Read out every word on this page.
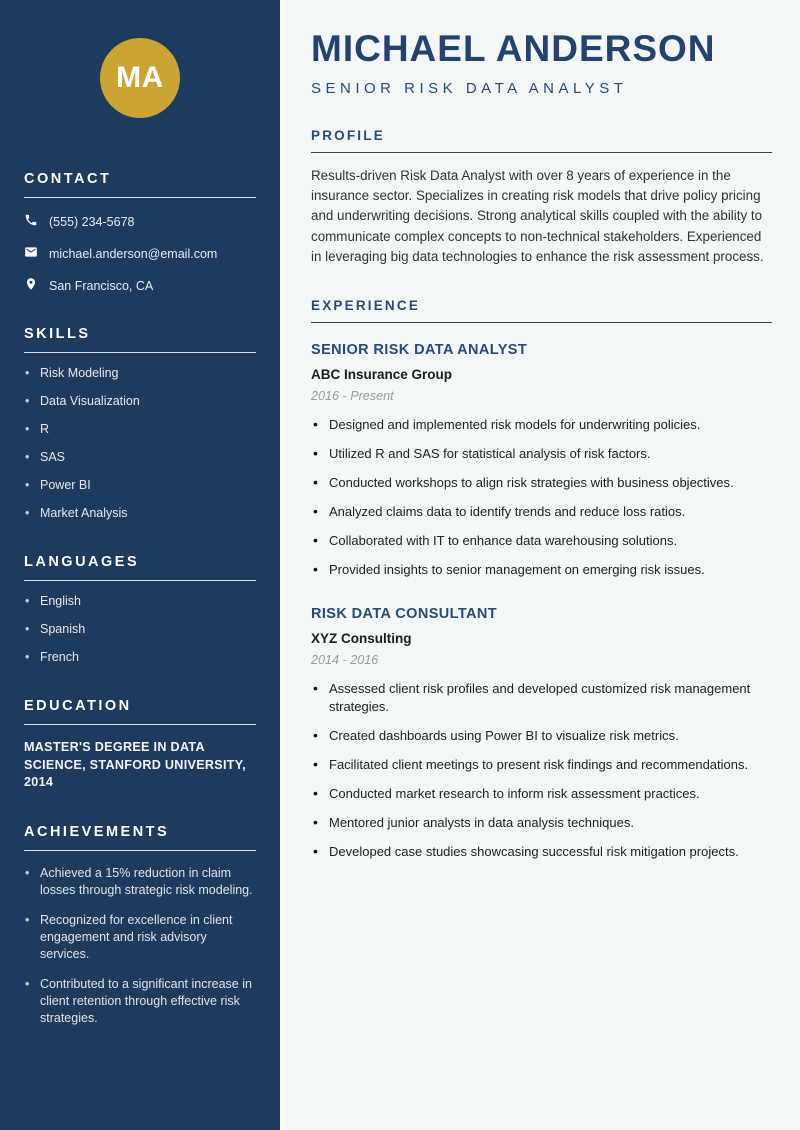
MA
CONTACT
(555) 234-5678
michael.anderson@email.com
San Francisco, CA
SKILLS
• Risk Modeling
• Data Visualization
• R
• SAS
• Power BI
• Market Analysis
LANGUAGES
• English
• Spanish
• French
EDUCATION
MASTER'S DEGREE IN DATA SCIENCE, STANFORD UNIVERSITY, 2014
ACHIEVEMENTS
• Achieved a 15% reduction in claim losses through strategic risk modeling.
• Recognized for excellence in client engagement and risk advisory services.
• Contributed to a significant increase in client retention through effective risk strategies.
MICHAEL ANDERSON
SENIOR RISK DATA ANALYST
PROFILE

Results-driven Risk Data Analyst with over 8 years of experience in the insurance sector. Specializes in creating risk models that drive policy pricing and underwriting decisions. Strong analytical skills coupled with the ability to communicate complex concepts to non-technical stakeholders. Experienced in leveraging big data technologies to enhance the risk assessment process.

EXPERIENCE
SENIOR RISK DATA ANALYST
ABC Insurance Group
2016 - Present
• Designed and implemented risk models for underwriting policies.
• Utilized R and SAS for statistical analysis of risk factors.
• Conducted workshops to align risk strategies with business objectives.
• Analyzed claims data to identify trends and reduce loss ratios.
• Collaborated with IT to enhance data warehousing solutions.
• Provided insights to senior management on emerging risk issues.
RISK DATA CONSULTANT
XYZ Consulting
2014 - 2016
• Assessed client risk profiles and developed customized risk management strategies.
• Created dashboards using Power BI to visualize risk metrics.
• Facilitated client meetings to present risk findings and recommendations.
• Conducted market research to inform risk assessment practices.
• Mentored junior analysts in data analysis techniques.
• Developed case studies showcasing successful risk mitigation projects.
